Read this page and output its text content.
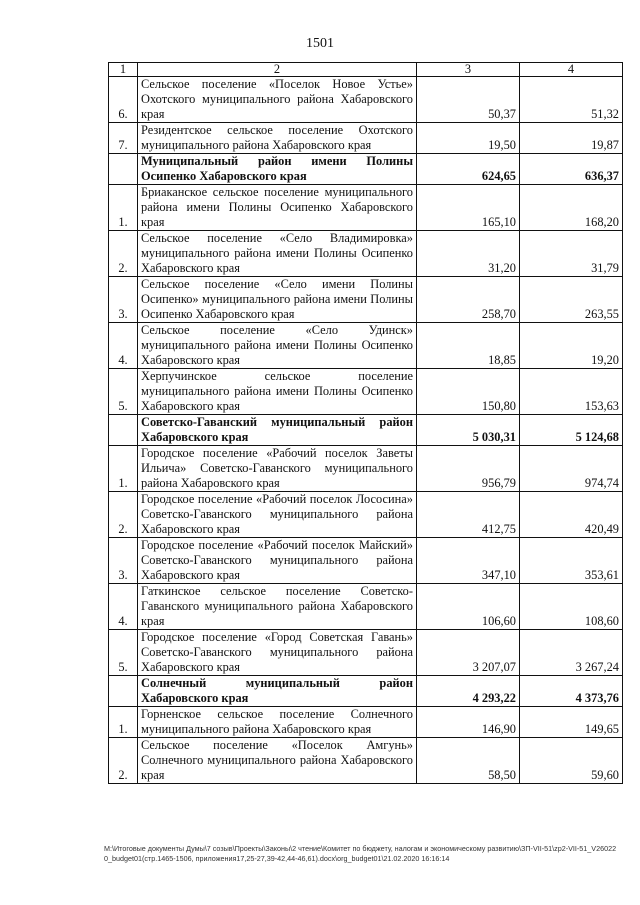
1501
1	2	3	4
6.	Сельское поселение «Поселок Новое Устье» Охотского муниципального района Хабаровского края	50,37	51,32
7.	Резидентское сельское поселение Охотского муниципального района Хабаровского края	19,50	19,87
	Муниципальный район имени Полины Осипенко Хабаровского края	624,65	636,37
1.	Бриаканское сельское поселение муниципального района имени Полины Осипенко Хабаровского края	165,10	168,20
2.	Сельское поселение «Село Владимировка» муниципального района имени Полины Осипенко Хабаровского края	31,20	31,79
3.	Сельское поселение «Село имени Полины Осипенко» муниципального района имени Полины Осипенко Хабаровского края	258,70	263,55
4.	Сельское поселение «Село Удинск» муниципального района имени Полины Осипенко Хабаровского края	18,85	19,20
5.	Херпучинское сельское поселение муниципального района имени Полины Осипенко Хабаровского края	150,80	153,63
	Советско-Гаванский муниципальный район Хабаровского края	5 030,31	5 124,68
1.	Городское поселение «Рабочий поселок Заветы Ильича» Советско-Гаванского муниципального района Хабаровского края	956,79	974,74
2.	Городское поселение «Рабочий поселок Лососина» Советско-Гаванского муниципального района Хабаровского края	412,75	420,49
3.	Городское поселение «Рабочий поселок Майский» Советско-Гаванского муниципального района Хабаровского края	347,10	353,61
4.	Гаткинское сельское поселение Советско-Гаванского муниципального района Хабаровского края	106,60	108,60
5.	Городское поселение «Город Советская Гавань» Советско-Гаванского муниципального района Хабаровского края	3 207,07	3 267,24
	Солнечный муниципальный район Хабаровского края	4 293,22	4 373,76
1.	Горненское сельское поселение Солнечного муниципального района Хабаровского края	146,90	149,65
2.	Сельское поселение «Поселок Амгунь» Солнечного муниципального района Хабаровского края	58,50	59,60
M:\Итоговые документы Думы\7 созыв\Проекты\Законы\2 чтение\Комитет по бюджету, налогам и экономическому развитию\ЗП-VII-51\zp2-VII-51_V260220_budget01(стр.1465-1506, приложения17,25-27,39-42,44-46,61).docx\org_budget01\21.02.2020 16:16:14
